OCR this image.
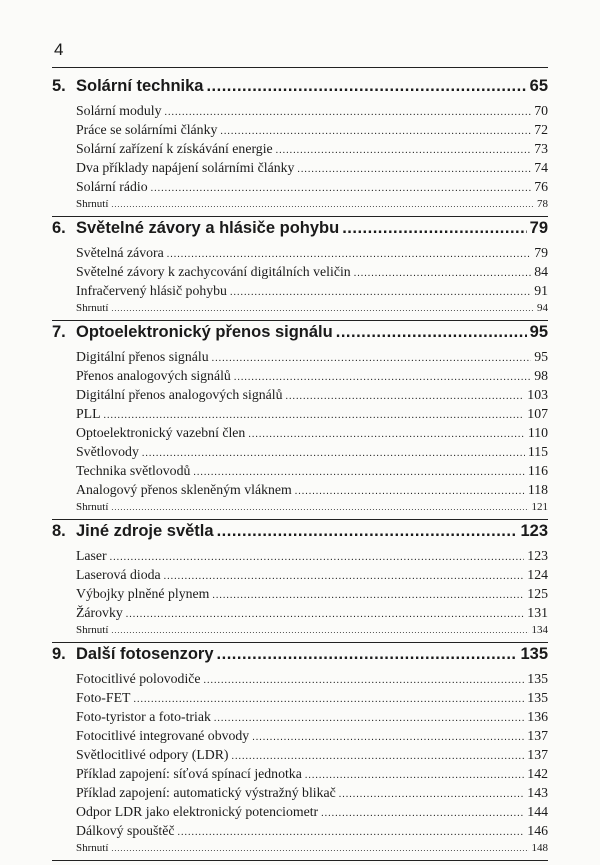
4
5. Solární technika .....	65
Solární moduly .....	70
Práce se solárními články .....	72
Solární zařízení k získávání energie .....	73
Dva příklady napájení solárními články .....	74
Solární rádio .....	76
Shrnutí .....	78
6. Světelné závory a hlásiče pohybu .....	79
Světelná závora .....	79
Světelné závory k zachycování digitálních veličin .....	84
Infračervený hlásič pohybu .....	91
Shrnutí .....	94
7. Optoelektronický přenos signálu .....	95
Digitální přenos signálu .....	95
Přenos analogových signálů .....	98
Digitální přenos analogových signálů .....	103
PLL .....	107
Optoelektronický vazební člen .....	110
Světlovody .....	115
Technika světlovodů .....	116
Analogový přenos skleněným vláknem .....	118
Shrnutí .....	121
8. Jiné zdroje světla .....	123
Laser .....	123
Laserová dioda .....	124
Výbojky plněné plynem .....	125
Žárovky .....	131
Shrnutí .....	134
9. Další fotosenzory .....	135
Fotocitlivé polovodiče .....	135
Foto-FET .....	135
Foto-tyristor a foto-triak .....	136
Fotocitlivé integrované obvody .....	137
Světlocitlivé odpory (LDR) .....	137
Příklad zapojení: síťová spínací jednotka .....	142
Příklad zapojení: automatický výstražný blikač .....	143
Odpor LDR jako elektronický potenciometr .....	144
Dálkový spouštěč .....	146
Shrnutí .....	148
